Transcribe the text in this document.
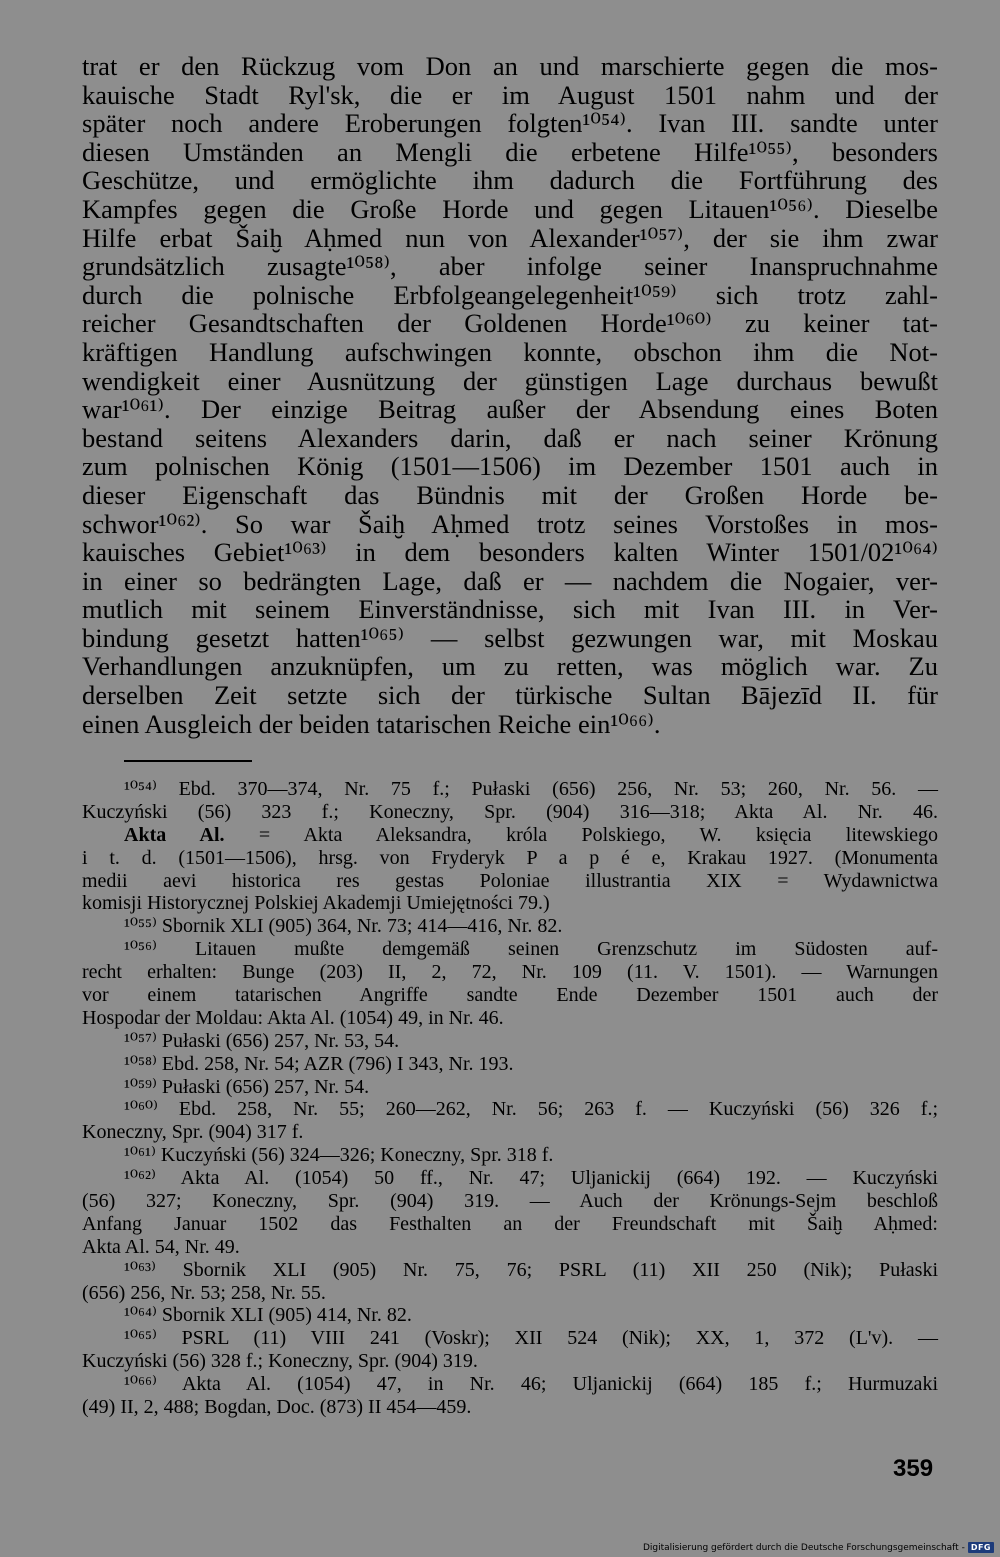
trat er den Rückzug vom Don an und marschierte gegen die mos-
kauische Stadt Ryl'sk, die er im August 1501 nahm und der
später noch andere Eroberungen folgten¹⁰⁵⁴⁾. Ivan III. sandte unter
diesen Umständen an Mengli die erbetene Hilfe¹⁰⁵⁵⁾, besonders
Geschütze, und ermöglichte ihm dadurch die Fortführung des
Kampfes gegen die Große Horde und gegen Litauen¹⁰⁵⁶⁾. Dieselbe
Hilfe erbat Šaiḫ Aḥmed nun von Alexander¹⁰⁵⁷⁾, der sie ihm zwar
grundsätzlich zusagte¹⁰⁵⁸⁾, aber infolge seiner Inanspruchnahme
durch die polnische Erbfolgeangelegenheit¹⁰⁵⁹⁾ sich trotz zahl-
reicher Gesandtschaften der Goldenen Horde¹⁰⁶⁰⁾ zu keiner tat-
kräftigen Handlung aufschwingen konnte, obschon ihm die Not-
wendigkeit einer Ausnützung der günstigen Lage durchaus bewußt
war¹⁰⁶¹⁾. Der einzige Beitrag außer der Absendung eines Boten
bestand seitens Alexanders darin, daß er nach seiner Krönung
zum polnischen König (1501—1506) im Dezember 1501 auch in
dieser Eigenschaft das Bündnis mit der Großen Horde be-
schwor¹⁰⁶²⁾. So war Šaiḫ Aḥmed trotz seines Vorstoßes in mos-
kauisches Gebiet¹⁰⁶³⁾ in dem besonders kalten Winter 1501/02¹⁰⁶⁴⁾
in einer so bedrängten Lage, daß er — nachdem die Nogaier, ver-
mutlich mit seinem Einverständnisse, sich mit Ivan III. in Ver-
bindung gesetzt hatten¹⁰⁶⁵⁾ — selbst gezwungen war, mit Moskau
Verhandlungen anzuknüpfen, um zu retten, was möglich war. Zu
derselben Zeit setzte sich der türkische Sultan Bājezīd II. für
einen Ausgleich der beiden tatarischen Reiche ein¹⁰⁶⁶⁾.
¹⁰⁵⁴⁾ Ebd. 370—374, Nr. 75 f.; Pułaski (656) 256, Nr. 53; 260, Nr. 56. —
Kuczyński (56) 323 f.; Koneczny, Spr. (904) 316—318; Akta Al. Nr. 46.
Akta Al. = Akta Aleksandra, króla Polskiego, W. księcia litewskiego
i t. d. (1501—1506), hrsg. von Fryderyk P a p é e, Krakau 1927. (Monumenta
medii aevi historica res gestas Poloniae illustrantia XIX = Wydawnictwa
komisji Historycznej Polskiej Akademji Umiejętności 79.)
¹⁰⁵⁵⁾ Sbornik XLI (905) 364, Nr. 73; 414—416, Nr. 82.
¹⁰⁵⁶⁾ Litauen mußte demgemäß seinen Grenzschutz im Südosten auf-
recht erhalten: Bunge (203) II, 2, 72, Nr. 109 (11. V. 1501). — Warnungen
vor einem tatarischen Angriffe sandte Ende Dezember 1501 auch der
Hospodar der Moldau: Akta Al. (1054) 49, in Nr. 46.
¹⁰⁵⁷⁾ Pułaski (656) 257, Nr. 53, 54.
¹⁰⁵⁸⁾ Ebd. 258, Nr. 54; AZR (796) I 343, Nr. 193.
¹⁰⁵⁹⁾ Pułaski (656) 257, Nr. 54.
¹⁰⁶⁰⁾ Ebd. 258, Nr. 55; 260—262, Nr. 56; 263 f. — Kuczyński (56) 326 f.;
Koneczny, Spr. (904) 317 f.
¹⁰⁶¹⁾ Kuczyński (56) 324—326; Koneczny, Spr. 318 f.
¹⁰⁶²⁾ Akta Al. (1054) 50 ff., Nr. 47; Uljanickij (664) 192. — Kuczyński
(56) 327; Koneczny, Spr. (904) 319. — Auch der Krönungs-Sejm beschloß
Anfang Januar 1502 das Festhalten an der Freundschaft mit Šaiḫ Aḥmed:
Akta Al. 54, Nr. 49.
¹⁰⁶³⁾ Sbornik XLI (905) Nr. 75, 76; PSRL (11) XII 250 (Nik); Pułaski
(656) 256, Nr. 53; 258, Nr. 55.
¹⁰⁶⁴⁾ Sbornik XLI (905) 414, Nr. 82.
¹⁰⁶⁵⁾ PSRL (11) VIII 241 (Voskr); XII 524 (Nik); XX, 1, 372 (L'v). —
Kuczyński (56) 328 f.; Koneczny, Spr. (904) 319.
¹⁰⁶⁶⁾ Akta Al. (1054) 47, in Nr. 46; Uljanickij (664) 185 f.; Hurmuzaki
(49) II, 2, 488; Bogdan, Doc. (873) II 454—459.
359
Digitalisierung gefördert durch die Deutsche Forschungsgemeinschaft - DFG
